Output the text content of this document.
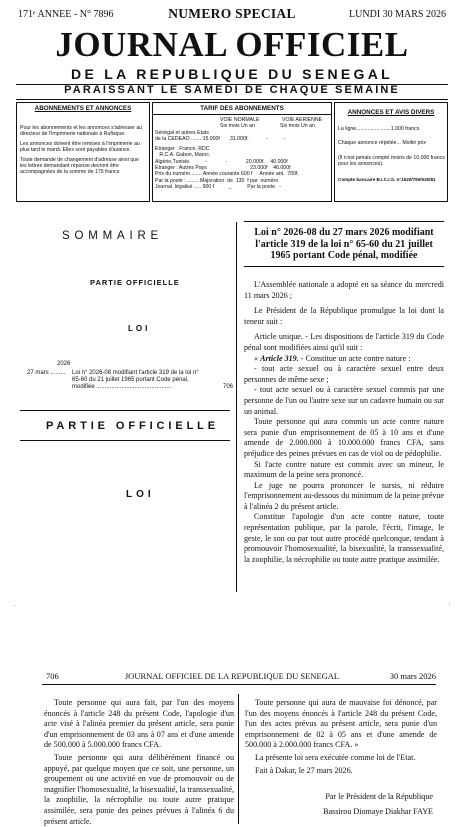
171ᵉ ANNEE - N° 7896	NUMERO SPECIAL	LUNDI 30 MARS 2026
JOURNAL OFFICIEL
DE LA REPUBLIQUE DU SENEGAL
PARAISSANT LE SAMEDI DE CHAQUE SEMAINE
ABONNEMENTS ET ANNONCES
Pour les abonnements et les annonces s'adresser au directeur de l'Imprimerie nationale à Rufisque.
Les annonces doivent être remises à l'imprimerie au plus tard le mardi. Elles sont payables d'avance.
Toute demande de changement d'adresse ainsi que les lettres demandant réponse devront être accompagnées de la somme de 175 francs
TARIF DES ABONNEMENTS
VOIE NORMALE	VOIE AERIENNE
Six mois Un an	Six mois Un an
Sénégal et autres Etats
de la CEDEAO ....... 15.000f       31.000f.            -           -
Etranger : France, RDC
R.C.A. Gabon, Maroc.
Algérie,Tunisie.          -             -             20.000f.    40.000f
Etranger : Autres Pays                              23.000f    46.000f
Prix du numéro........ Année courante 600 f     Année ant.  700f.
Par la poste : ........ Majoration  de  130  f par  numéro
Journal  légalisé ..... 900 f          _           Par la poste   -
ANNONCES ET AVIS DIVERS
La ligne........................1.000 francs
Chaque annonce répétée... Moitié prix
(Il n'est jamais compté moins de 10.000 francs pour les annonces).
Compte bancaire B.I.C.I.S. n°1520/790/630/81
SOMMAIRE
PARTIE OFFICIELLE
LOI
2026
27 mars ......... Loi n° 2026-08 modifiant l'article 319 de la loi n° 65-60 du 21 juillet 1965 portant Code pénal, modifiée .............................................	706
PARTIE OFFICIELLE
LOI
Loi n° 2026-08 du 27 mars 2026 modifiant l'article 319 de la loi n° 65-60 du 21 juillet 1965 portant Code pénal, modifiée

L'Assemblée nationale a adopté en sa séance du mercredi 11 mars 2026 ;

Le Président de la République promulgue la loi dont la teneur suit :

Article unique. - Les dispositions de l'article 319 du Code pénal sont modifiées ainsi qu'il suit :

« Article 319. - Constitue un acte contre nature :

- tout acte sexuel ou à caractère sexuel entre deux personnes de même sexe ;

- tout acte sexuel ou à caractère sexuel commis par une personne de l'un ou l'autre sexe sur un cadavre humain ou sur un animal.

Toute personne qui aura commis un acte contre nature sera punie d'un emprisonnement de 05 à 10 ans et d'une amende de 2.000.000 à 10.000.000 francs CFA, sans préjudice des peines prévues en cas de viol ou de pédophilie.

Si l'acte contre nature est commis avec un mineur, le maximum de la peine sera prononcé.

Le juge ne pourra prononcer le sursis, ni réduire l'emprisonnement au-dessous du minimum de la peine prévue à l'alinéa 2 du présent article.

Constitue l'apologie d'un acte contre nature, toute représentation publique, par la parole, l'écrit, l'image, le geste, le son ou par tout autre procédé quelconque, tendant à promouvoir l'homosexualité, la bisexualité, la transsexualité, la zoophilie, la nécrophilie ou toute autre pratique assimilée.

.	.
706	JOURNAL OFFICIEL DE LA REPUBLIQUE DU SENEGAL	30 mars 2026

Toute personne qui aura fait, par l'un des moyens énoncés à l'article 248 du présent Code, l'apologie d'un acte visé à l'alinéa premier du présent article, sera punie d'un emprisonnement de 03 ans à 07 ans et d'une amende de 500.000 à 5.000.000 francs CFA.

Toute personne qui aura délibérément financé ou appuyé, par quelque moyen que ce soit, une personne, un groupement ou une activité en vue de promouvoir ou de magnifier l'homosexualité, la bisexualité, la transsexualité, la zoophilie, la nécrophilie ou toute autre pratique assimilée, sera punie des peines prévues à l'alinéa 6 du présent article.

Toute personne qui aura de mauvaise foi dénoncé, par l'un des moyens énoncés à l'article 248 du présent Code, l'un des actes prévus au présent article, sera punie d'un emprisonnement de 02 à 05 ans et d'une amende de 500.000 à 2.000.000 francs CFA. »

La présente loi sera exécutée comme loi de l'Etat.

Fait à Dakar, le 27 mars 2026.

Par le Président de la République
Bassirou Diomaye Diakhar FAYE
